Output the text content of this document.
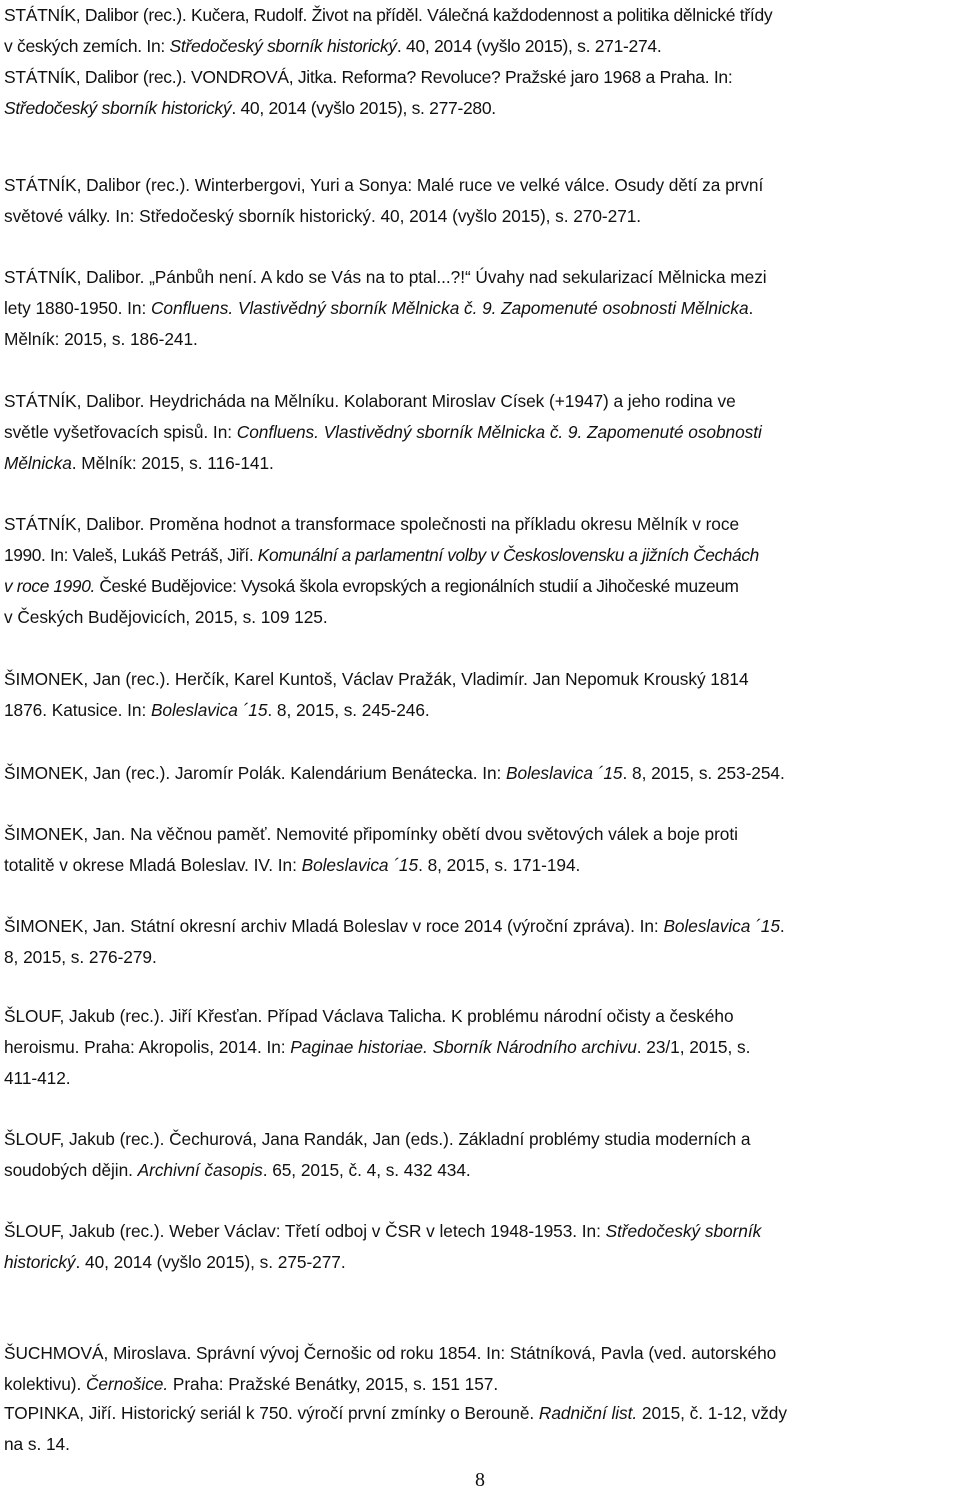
STÁTNÍK, Dalibor (rec.). Kučera, Rudolf. Život na příděl. Válečná každodennost a politika dělnické třídy
v českých zemích. In: Středočeský sborník historický. 40, 2014 (vyšlo 2015), s. 271-274.
STÁTNÍK, Dalibor (rec.). VONDROVÁ, Jitka. Reforma? Revoluce? Pražské jaro 1968 a Praha. In:
Středočeský sborník historický. 40, 2014 (vyšlo 2015), s. 277-280.
STÁTNÍK, Dalibor (rec.). Winterbergovi, Yuri a Sonya: Malé ruce ve velké válce. Osudy dětí za první
světové války. In: Středočeský sborník historický. 40, 2014 (vyšlo 2015), s. 270-271.
STÁTNÍK, Dalibor. „Pánbůh není. A kdo se Vás na to ptal...?!“ Úvahy nad sekularizací Mělnicka mezi
lety 1880-1950. In: Confluens. Vlastivědný sborník Mělnicka č. 9. Zapomenuté osobnosti Mělnicka.
Mělník: 2015, s. 186-241.
STÁTNÍK, Dalibor. Heydricháda na Mělníku. Kolaborant Miroslav Císek (+1947) a jeho rodina ve
světle vyšetřovacích spisů. In: Confluens. Vlastivědný sborník Mělnicka č. 9. Zapomenuté osobnosti
Mělnicka. Mělník: 2015, s. 116-141.
STÁTNÍK, Dalibor. Proměna hodnot a transformace společnosti na příkladu okresu Mělník v roce
1990. In: Valeš, Lukáš Petráš, Jiří. Komunální a parlamentní volby v Československu a jižních Čechách
v roce 1990. České Budějovice: Vysoká škola evropských a regionálních studií a Jihočeské muzeum
v Českých Budějovicích, 2015, s. 109 125.
ŠIMONEK, Jan (rec.). Herčík, Karel Kuntoš, Václav Pražák, Vladimír. Jan Nepomuk Krouský 1814
1876. Katusice. In: Boleslavica ´15. 8, 2015, s. 245-246.
ŠIMONEK, Jan (rec.). Jaromír Polák. Kalendárium Benátecka. In: Boleslavica ´15. 8, 2015, s. 253-254.
ŠIMONEK, Jan. Na věčnou paměť. Nemovité připomínky obětí dvou světových válek a boje proti
totalitě v okrese Mladá Boleslav. IV. In: Boleslavica ´15. 8, 2015, s. 171-194.
ŠIMONEK, Jan. Státní okresní archiv Mladá Boleslav v roce 2014 (výroční zpráva). In: Boleslavica ´15.
8, 2015, s. 276-279.
ŠLOUF, Jakub (rec.). Jiří Křesťan. Případ Václava Talicha. K problému národní očisty a českého
heroismu. Praha: Akropolis, 2014. In: Paginae historiae. Sborník Národního archivu. 23/1, 2015, s.
411-412.
ŠLOUF, Jakub (rec.). Čechurová, Jana Randák, Jan (eds.). Základní problémy studia moderních a
soudobých dějin. Archivní časopis. 65, 2015, č. 4, s. 432 434.
ŠLOUF, Jakub (rec.). Weber Václav: Třetí odboj v ČSR v letech 1948-1953. In: Středočeský sborník
historický. 40, 2014 (vyšlo 2015), s. 275-277.
ŠUCHMOVÁ, Miroslava. Správní vývoj Černošic od roku 1854. In: Státníková, Pavla (ved. autorského
kolektivu). Černošice. Praha: Pražské Benátky, 2015, s. 151 157.
TOPINKA, Jiří. Historický seriál k 750. výročí první zmínky o Berouně. Radniční list. 2015, č. 1-12, vždy
na s. 14.
8
